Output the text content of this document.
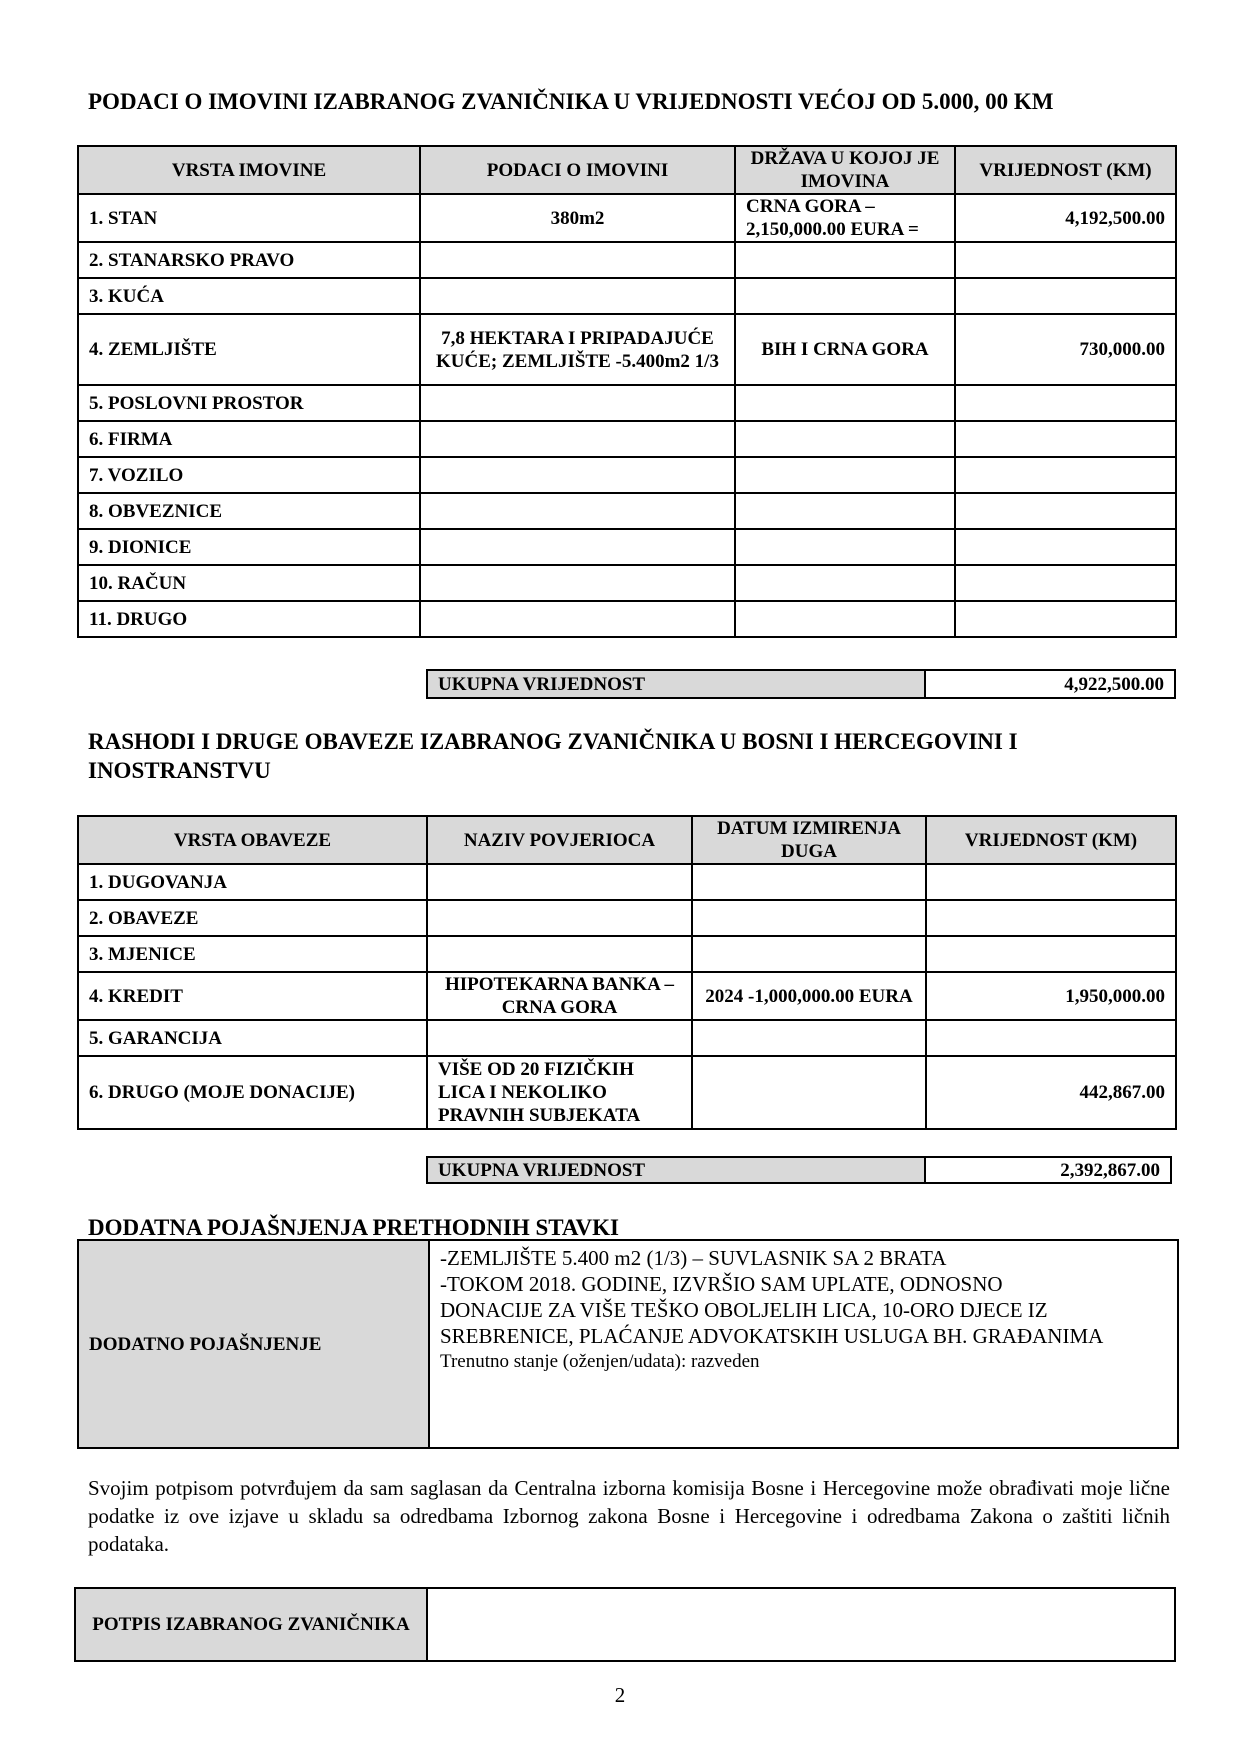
PODACI O IMOVINI IZABRANOG ZVANIČNIKA U VRIJEDNOSTI VEĆOJ OD 5.000, 00 KM
VRSTA IMOVINE	PODACI O IMOVINI	DRŽAVA U KOJOJ JE IMOVINA	VRIJEDNOST (KM)
1. STAN	380m2	CRNA GORA – 2,150,000.00 EURA =	4,192,500.00
2. STANARSKO PRAVO			
3. KUĆA			
4. ZEMLJIŠTE	7,8 HEKTARA I PRIPADAJUĆE KUĆE; ZEMLJIŠTE -5.400m2 1/3	BIH I CRNA GORA	730,000.00
5. POSLOVNI PROSTOR			
6. FIRMA			
7. VOZILO			
8. OBVEZNICE			
9. DIONICE			
10. RAČUN			
11. DRUGO			
UKUPNA VRIJEDNOST	4,922,500.00
RASHODI I DRUGE OBAVEZE IZABRANOG ZVANIČNIKA U BOSNI I HERCEGOVINI I INOSTRANSTVU
VRSTA OBAVEZE	NAZIV POVJERIOCA	DATUM IZMIRENJA DUGA	VRIJEDNOST (KM)
1. DUGOVANJA			
2. OBAVEZE			
3. MJENICE			
4. KREDIT	HIPOTEKARNA BANKA – CRNA GORA	2024 -1,000,000.00 EURA	1,950,000.00
5. GARANCIJA			
6. DRUGO (MOJE DONACIJE)	VIŠE OD 20 FIZIČKIH LICA I NEKOLIKO PRAVNIH SUBJEKATA		442,867.00
UKUPNA VRIJEDNOST	2,392,867.00
DODATNA POJAŠNJENJA PRETHODNIH STAVKI
DODATNO POJAŠNJENJE	
-ZEMLJIŠTE 5.400 m2 (1/3) – SUVLASNIK SA 2 BRATA
-TOKOM 2018. GODINE, IZVRŠIO SAM UPLATE, ODNOSNO
DONACIJE ZA VIŠE TEŠKO OBOLJELIH LICA, 10-ORO DJECE IZ
SREBRENICE, PLAĆANJE ADVOKATSKIH USLUGA BH. GRAĐANIMA
Trenutno stanje (oženjen/udata): razveden

Svojim potpisom potvrđujem da sam saglasan da Centralna izborna komisija Bosne i Hercegovine može obrađivati moje lične podatke iz ove izjave u skladu sa odredbama Izbornog zakona Bosne i Hercegovine i odredbama Zakona o zaštiti ličnih podataka.

POTPIS IZABRANOG ZVANIČNIKA	
2
